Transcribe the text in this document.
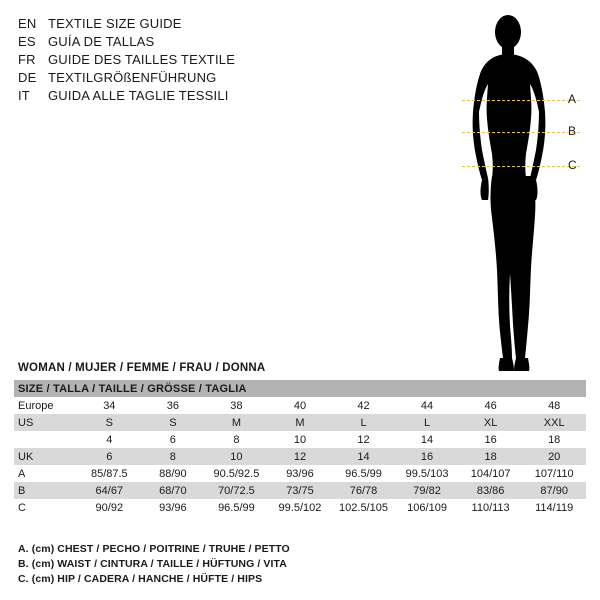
EN TEXTILE SIZE GUIDE
ES GUÍA DE TALLAS
FR GUIDE DES TAILLES TEXTILE
DE TEXTILGRÖßENFÜHRUNG
IT	GUIDA ALLE TAGLIE TESSILI	A
B
C
WOMAN / MUJER / FEMME / FRAU / DONNA
SIZE / TALLA / TAILLE / GRÖSSE / TAGLIA								
Europe	34	36	38	40	42	44	46	48
US	S	S	M	M	L	L	XL	XXL
	4	6	8	10	12	14	16	18
UK	6	8	10	12	14	16	18	20
A	85/87.5	88/90	90.5/92.5	93/96	96.5/99	99.5/103	104/107	107/110
B	64/67	68/70	70/72.5	73/75	76/78	79/82	83/86	87/90
C	90/92	93/96	96.5/99	99.5/102	102.5/105	106/109	110/113	114/119
A. (cm) CHEST / PECHO / POITRINE / TRUHE / PETTO
B. (cm) WAIST / CINTURA / TAILLE / HÜFTUNG / VITA
C. (cm) HIP / CADERA / HANCHE / HÜFTE / HIPS
